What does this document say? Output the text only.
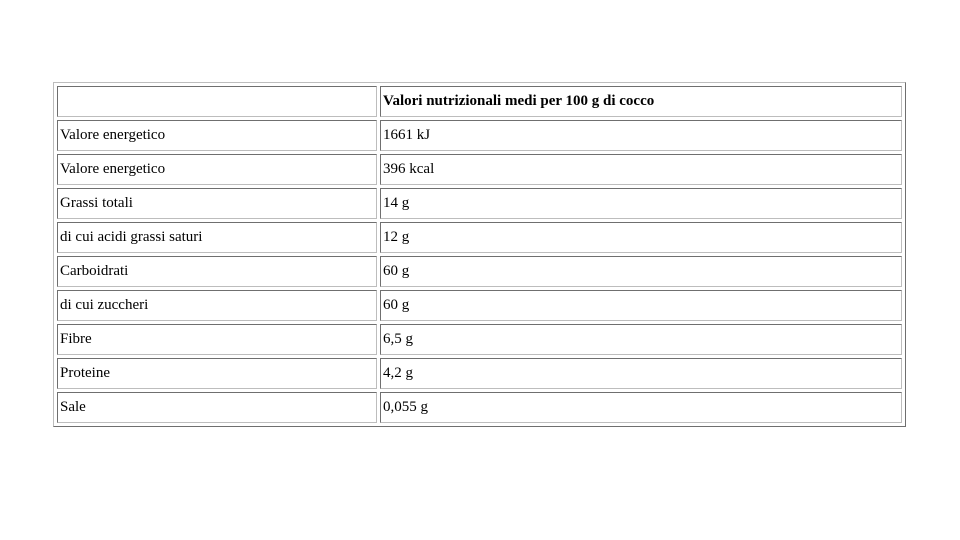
	Valori nutrizionali medi per 100 g di cocco
Valore energetico	1661 kJ
Valore energetico	396 kcal
Grassi totali	14 g
di cui acidi grassi saturi	12 g
Carboidrati	60 g
di cui zuccheri	60 g
Fibre	6,5 g
Proteine	4,2 g
Sale	0,055 g
